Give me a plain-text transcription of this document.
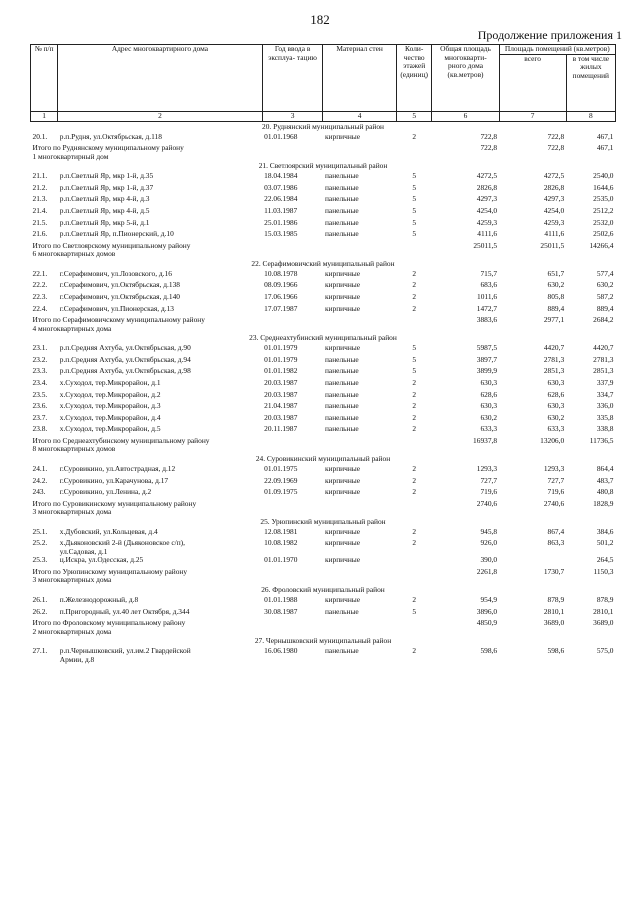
182
Продолжение приложения 1
№ п/п	Адрес многоквартирного дома	Год ввода в эксплуа- тацию	Материал стен	Коли- чество этажей (единиц)	Общая площадь многокварти- рного дома (кв.метров)	Площадь помещений (кв.метров)	
						всего	в том числе жилых помещений
1	2	3	4	5	6	7	8
20. Руднянский муниципальный район							
20.1.	р.п.Рудня, ул.Октябрьская, д.118	01.01.1968	кирпичные	2	722,8	722,8	467,1

Итого по Руднянскому муниципальному району
1 многоквартирный дом					722,8	722,8	467,1
21. Светлоярский муниципальный район							
21.1.	р.п.Светлый Яр, мкр 1-й, д.35	18.04.1984	панельные	5	4272,5	4272,5	2540,0
21.2.	р.п.Светлый Яр, мкр 1-й, д.37	03.07.1986	панельные	5	2826,8	2826,8	1644,6
21.3.	р.п.Светлый Яр, мкр 4-й, д.3	22.06.1984	панельные	5	4297,3	4297,3	2535,0
21.4.	р.п.Светлый Яр, мкр 4-й, д.5	11.03.1987	панельные	5	4254,0	4254,0	2512,2
21.5.	р.п.Светлый Яр, мкр 5-й, д.1	25.01.1986	панельные	5	4259,3	4259,3	2532,0
21.6.	р.п.Светлый Яр, п.Пионерский, д.10	15.03.1985	панельные	5	4111,6	4111,6	2502,6

Итого по Светлоярскому муниципальному району
6 многоквартирных домов					25011,5	25011,5	14266,4
22. Серафимовичский муниципальный район							
22.1.	г.Серафимович, ул.Лозовского, д.16	10.08.1978	кирпичные	2	715,7	651,7	577,4
22.2.	г.Серафимович, ул.Октябрьская, д.138	08.09.1966	кирпичные	2	683,6	630,2	630,2
22.3.	г.Серафимович, ул.Октябрьская, д.140	17.06.1966	кирпичные	2	1011,6	805,8	587,2
22.4.	г.Серафимович, ул.Пионерская, д.13	17.07.1987	кирпичные	2	1472,7	889,4	889,4

Итого по Серафимовичскому муниципальному району
4 многоквартирных дома					3883,6	2977,1	2684,2
23. Среднеахтубинский муниципальный район							
23.1.	р.п.Средняя Ахтуба, ул.Октябрьская, д.90	01.01.1979	кирпичные	5	5987,5	4420,7	4420,7
23.2.	р.п.Средняя Ахтуба, ул.Октябрьская, д.94	01.01.1979	панельные	5	3897,7	2781,3	2781,3
23.3.	р.п.Средняя Ахтуба, ул.Октябрьская, д.98	01.01.1982	панельные	5	3899,9	2851,3	2851,3
23.4.	х.Суходол, тер.Микрорайон, д.1	20.03.1987	панельные	2	630,3	630,3	337,9
23.5.	х.Суходол, тер.Микрорайон, д.2	20.03.1987	панельные	2	628,6	628,6	334,7
23.6.	х.Суходол, тер.Микрорайон, д.3	21.04.1987	панельные	2	630,3	630,3	336,0
23.7.	х.Суходол, тер.Микрорайон, д.4	20.03.1987	панельные	2	630,2	630,2	335,8
23.8.	х.Суходол, тер.Микрорайон, д.5	20.11.1987	панельные	2	633,3	633,3	338,8

Итого по Среднеахтубинскому муниципальному району
8 многоквартирных домов					16937,8	13206,0	11736,5
24. Суровикинский муниципальный район							
24.1.	г.Суровикино, ул.Автострадная, д.12	01.01.1975	кирпичные	2	1293,3	1293,3	864,4
24.2.	г.Суровикино, ул.Карачунова, д.17	22.09.1969	кирпичные	2	727,7	727,7	483,7
243.	г.Суровикино, ул.Ленина, д.2	01.09.1975	кирпичные	2	719,6	719,6	480,8

Итого по Суровикинскому муниципальному району
3 многоквартирных дома					2740,6	2740,6	1828,9
25. Урюпинский муниципальный район							
25.1.	х.Дубовский, ул.Кольцевая, д.4	12.08.1981	кирпичные	2	945,8	867,4	384,6
25.2.	х.Дьяконовский 2-й (Дьяконовское с/п),
ул.Садовая, д.1	10.08.1982	кирпичные	2	926,0	863,3	501,2
25.3.	ц.Искра, ул.Одесская, д.25	01.01.1970	кирпичные		390,0		264,5

Итого по Урюпинскому муниципальному району
3 многоквартирных дома					2261,8	1730,7	1150,3
26. Фроловский муниципальный район							
26.1.	п.Железнодорожный, д.8	01.01.1988	кирпичные	2	954,9	878,9	878,9
26.2.	п.Пригородный, ул.40 лет Октября, д.344	30.08.1987	панельные	5	3896,0	2810,1	2810,1

Итого по Фроловскому муниципальному району
2 многоквартирных дома					4850,9	3689,0	3689,0
27. Чернышковский муниципальный район							
27.1.	р.п.Чернышковский, ул.им.2 Гвардейской
Армии, д.8	16.06.1980	панельные	2	598,6	598,6	575,0
